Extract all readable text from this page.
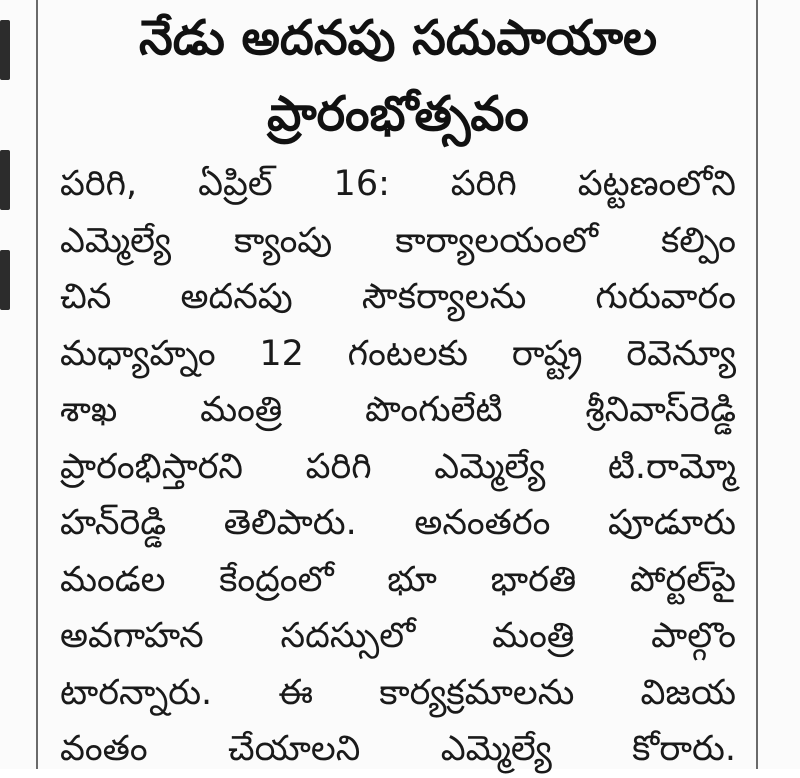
నేడు అదనపు సదుపాయాల
ప్రారంభోత్సవం
పరిగి, ఏప్రిల్ 16: పరిగి పట్టణంలోని
ఎమ్మెల్యే క్యాంపు కార్యాలయంలో కల్పిం
చిన అదనపు సౌకర్యాలను గురువారం
మధ్యాహ్నం 12 గంటలకు రాష్ట్ర రెవెన్యూ
శాఖ మంత్రి పొంగులేటి శ్రీనివాస్‌రెడ్డి
ప్రారంభిస్తారని పరిగి ఎమ్మెల్యే టి.రామ్మో
హన్‌రెడ్డి తెలిపారు. అనంతరం పూడూరు
మండల కేంద్రంలో భూ భారతి పోర్టల్‌పై
అవగాహన సదస్సులో మంత్రి పాల్గొం
టారన్నారు. ఈ కార్యక్రమాలను విజయ
వంతం చేయాలని ఎమ్మెల్యే కోరారు.
